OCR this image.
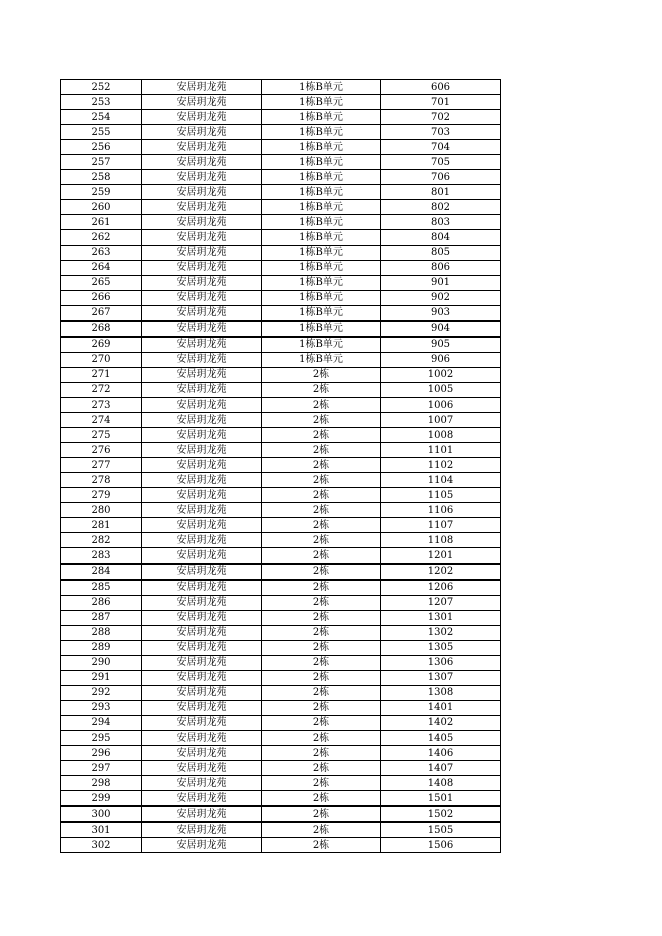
252	安居玥龙苑	1栋B单元	606
253	安居玥龙苑	1栋B单元	701
254	安居玥龙苑	1栋B单元	702
255	安居玥龙苑	1栋B单元	703
256	安居玥龙苑	1栋B单元	704
257	安居玥龙苑	1栋B单元	705
258	安居玥龙苑	1栋B单元	706
259	安居玥龙苑	1栋B单元	801
260	安居玥龙苑	1栋B单元	802
261	安居玥龙苑	1栋B单元	803
262	安居玥龙苑	1栋B单元	804
263	安居玥龙苑	1栋B单元	805
264	安居玥龙苑	1栋B单元	806
265	安居玥龙苑	1栋B单元	901
266	安居玥龙苑	1栋B单元	902
267	安居玥龙苑	1栋B单元	903
268	安居玥龙苑	1栋B单元	904
269	安居玥龙苑	1栋B单元	905
270	安居玥龙苑	1栋B单元	906
271	安居玥龙苑	2栋	1002
272	安居玥龙苑	2栋	1005
273	安居玥龙苑	2栋	1006
274	安居玥龙苑	2栋	1007
275	安居玥龙苑	2栋	1008
276	安居玥龙苑	2栋	1101
277	安居玥龙苑	2栋	1102
278	安居玥龙苑	2栋	1104
279	安居玥龙苑	2栋	1105
280	安居玥龙苑	2栋	1106
281	安居玥龙苑	2栋	1107
282	安居玥龙苑	2栋	1108
283	安居玥龙苑	2栋	1201
284	安居玥龙苑	2栋	1202
285	安居玥龙苑	2栋	1206
286	安居玥龙苑	2栋	1207
287	安居玥龙苑	2栋	1301
288	安居玥龙苑	2栋	1302
289	安居玥龙苑	2栋	1305
290	安居玥龙苑	2栋	1306
291	安居玥龙苑	2栋	1307
292	安居玥龙苑	2栋	1308
293	安居玥龙苑	2栋	1401
294	安居玥龙苑	2栋	1402
295	安居玥龙苑	2栋	1405
296	安居玥龙苑	2栋	1406
297	安居玥龙苑	2栋	1407
298	安居玥龙苑	2栋	1408
299	安居玥龙苑	2栋	1501
300	安居玥龙苑	2栋	1502
301	安居玥龙苑	2栋	1505
302	安居玥龙苑	2栋	1506
